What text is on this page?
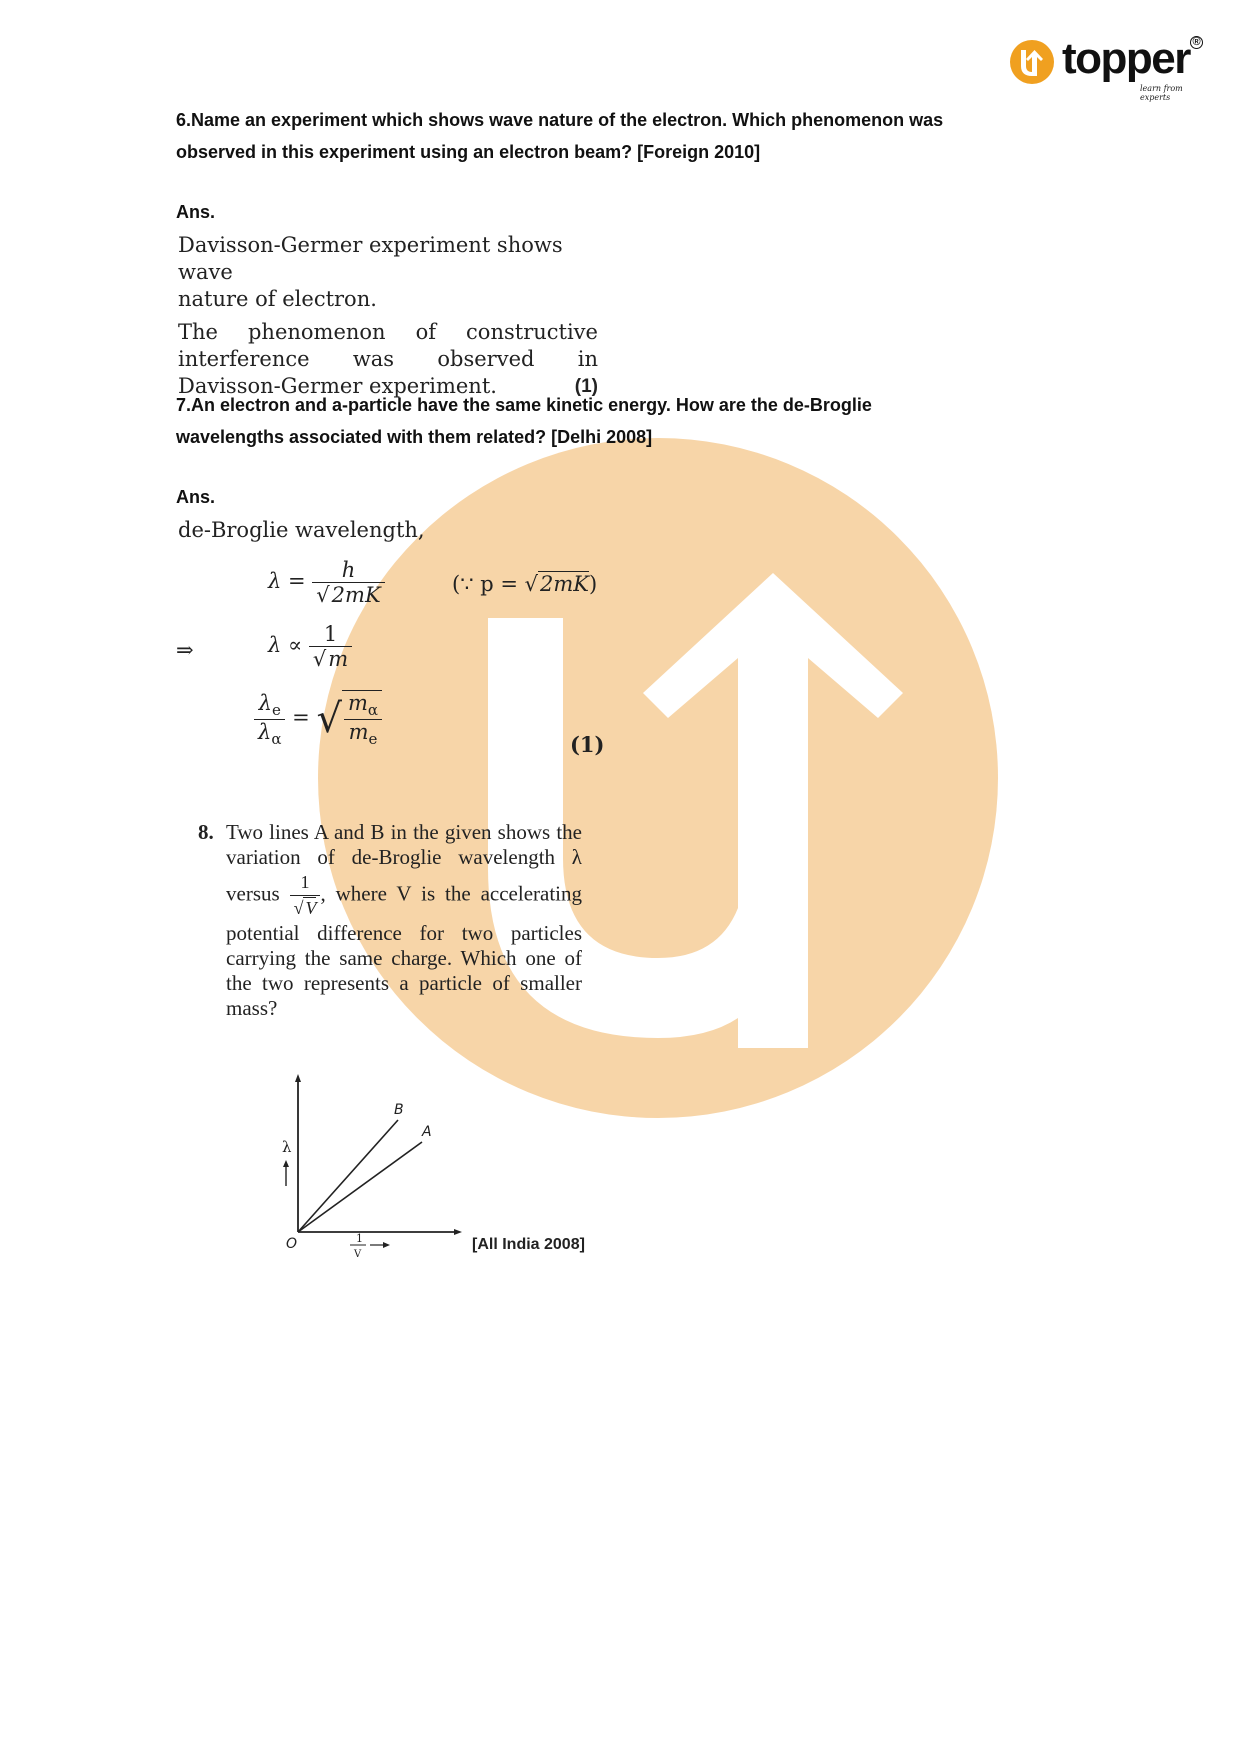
topper ®
learn from experts
6.Name an experiment which shows wave nature of the electron. Which phenomenon was
observed in this experiment using an electron beam? [Foreign 2010]
Ans.
Davisson-Germer experiment shows wave
nature of electron.
The phenomenon of constructive
interference was observed in
Davisson-Germer experiment.	(1)
7.An electron and a-particle have the same kinetic energy. How are the de-Broglie
wavelengths associated with them related? [Delhi 2008]
Ans.
de-Broglie wavelength,
$\lambda = \frac{h}{√2mK}$	(∵ p = √2mK)
⇒	$\lambda \propto \frac{1}{√m}$
$\frac{\lambda_e}{\lambda_\alpha}$ = √ $\frac{m_\alpha}{m_e}$	(1)
8. Two lines A and B in the given shows the variation of de-Broglie wavelength λ versus $\frac{1}{√ V}$ , where V is the accelerating potential difference for two particles carrying the same charge. Which one of the two represents a particle of smaller mass?
B
A
λ
O	1
V
[All India 2008]
